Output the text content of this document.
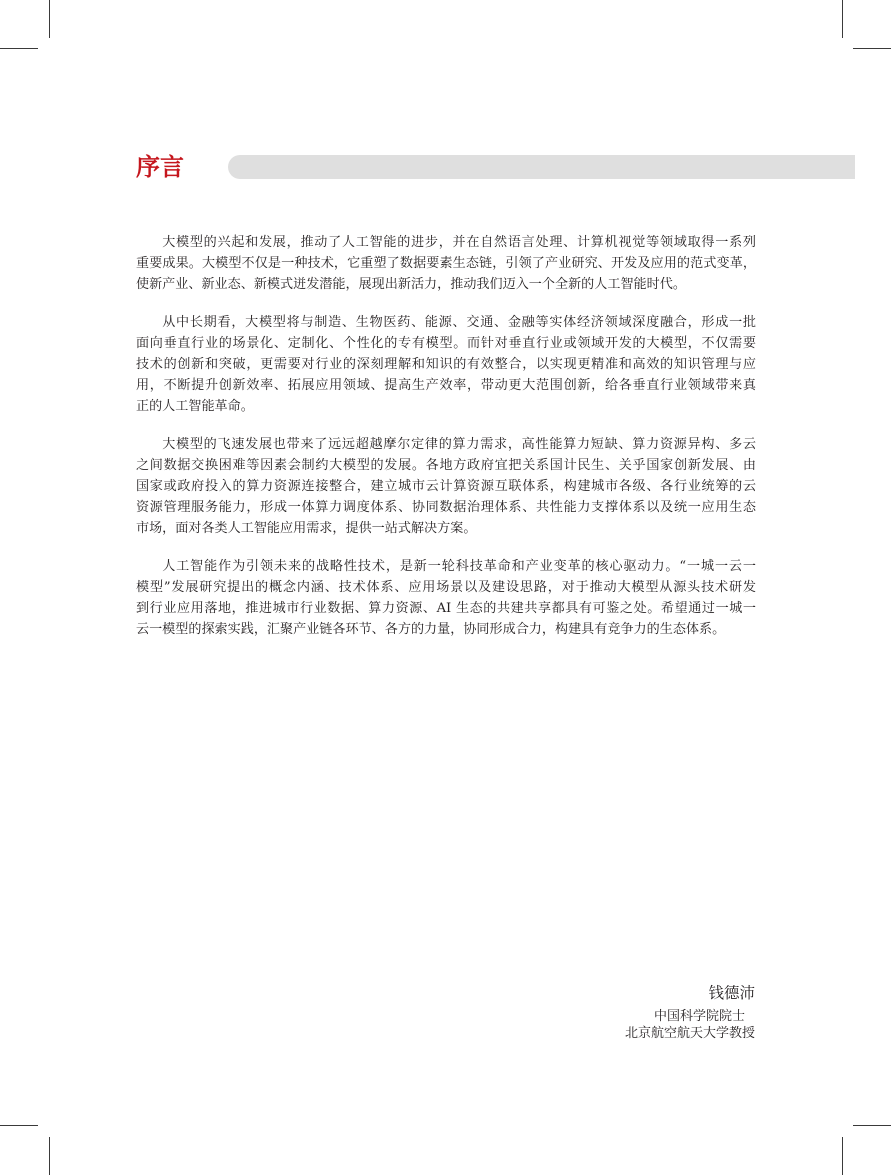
序言
大模型的兴起和发展，推动了人工智能的进步，并在自然语言处理、计算机视觉等领域取得一系列
重要成果。大模型不仅是一种技术，它重塑了数据要素生态链，引领了产业研究、开发及应用的范式变革，
使新产业、新业态、新模式迸发潜能，展现出新活力，推动我们迈入一个全新的人工智能时代。
从中长期看，大模型将与制造、生物医药、能源、交通、金融等实体经济领域深度融合，形成一批
面向垂直行业的场景化、定制化、个性化的专有模型。而针对垂直行业或领域开发的大模型，不仅需要
技术的创新和突破，更需要对行业的深刻理解和知识的有效整合，以实现更精准和高效的知识管理与应
用，不断提升创新效率、拓展应用领域、提高生产效率，带动更大范围创新，给各垂直行业领域带来真
正的人工智能革命。
大模型的飞速发展也带来了远远超越摩尔定律的算力需求，高性能算力短缺、算力资源异构、多云
之间数据交换困难等因素会制约大模型的发展。各地方政府宜把关系国计民生、关乎国家创新发展、由
国家或政府投入的算力资源连接整合，建立城市云计算资源互联体系，构建城市各级、各行业统筹的云
资源管理服务能力，形成一体算力调度体系、协同数据治理体系、共性能力支撑体系以及统一应用生态
市场，面对各类人工智能应用需求，提供一站式解决方案。
人工智能作为引领未来的战略性技术，是新一轮科技革命和产业变革的核心驱动力。“一城一云一
模型”发展研究提出的概念内涵、技术体系、应用场景以及建设思路，对于推动大模型从源头技术研发
到行业应用落地，推进城市行业数据、算力资源、AI 生态的共建共享都具有可鉴之处。希望通过一城一
云一模型的探索实践，汇聚产业链各环节、各方的力量，协同形成合力，构建具有竞争力的生态体系。
钱德沛
中国科学院院士
北京航空航天大学教授
